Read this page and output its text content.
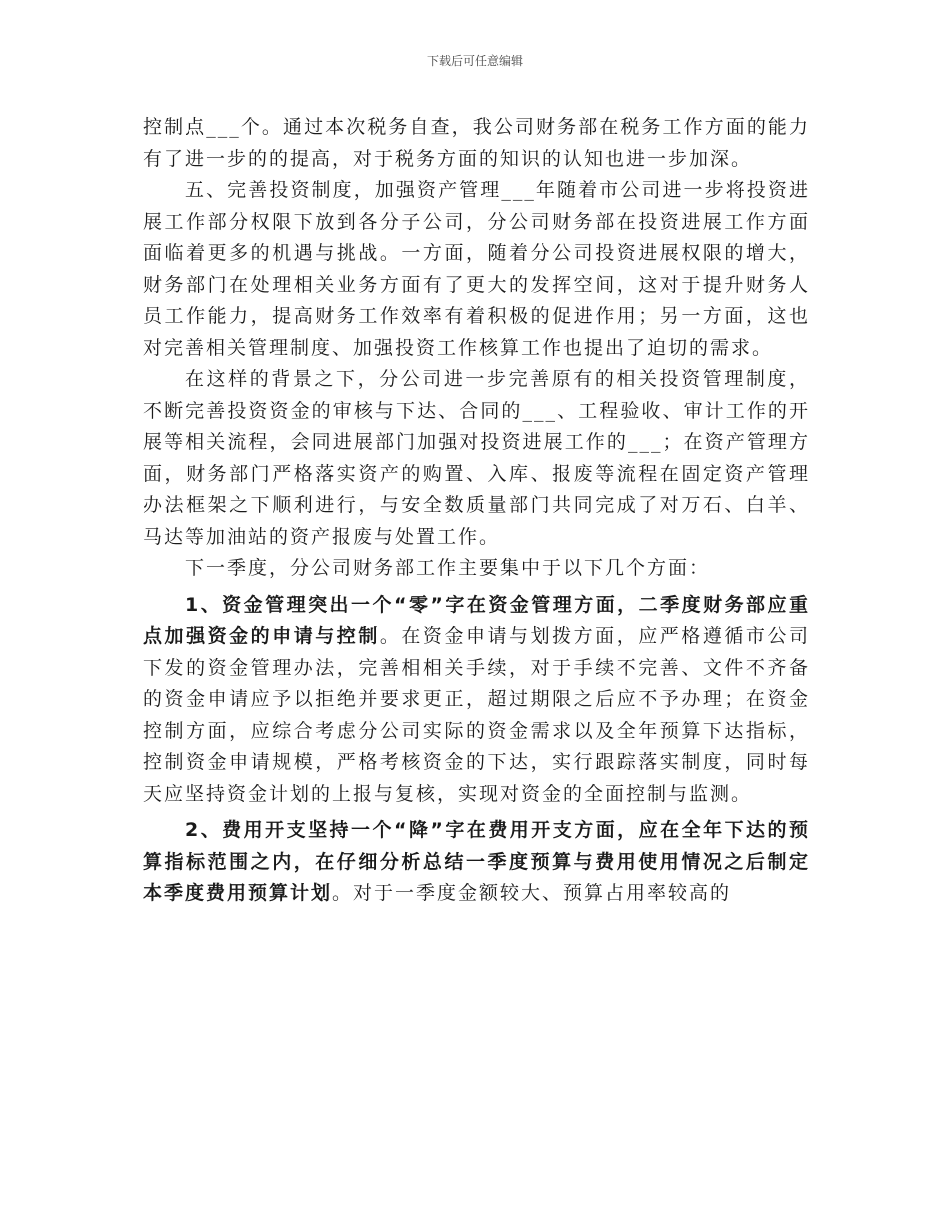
下载后可任意编辑

控制点___个。通过本次税务自查，我公司财务部在税务工作方面的能力有了进一步的的提高，对于税务方面的知识的认知也进一步加深。

五、完善投资制度，加强资产管理___年随着市公司进一步将投资进展工作部分权限下放到各分子公司，分公司财务部在投资进展工作方面面临着更多的机遇与挑战。一方面，随着分公司投资进展权限的增大，财务部门在处理相关业务方面有了更大的发挥空间，这对于提升财务人员工作能力，提高财务工作效率有着积极的促进作用；另一方面，这也对完善相关管理制度、加强投资工作核算工作也提出了迫切的需求。

在这样的背景之下，分公司进一步完善原有的相关投资管理制度，不断完善投资资金的审核与下达、合同的___、工程验收、审计工作的开展等相关流程，会同进展部门加强对投资进展工作的___；在资产管理方面，财务部门严格落实资产的购置、入库、报废等流程在固定资产管理办法框架之下顺利进行，与安全数质量部门共同完成了对万石、白羊、马达等加油站的资产报废与处置工作。

下一季度，分公司财务部工作主要集中于以下几个方面：

1、资金管理突出一个“零”字在资金管理方面，二季度财务部应重点加强资金的申请与控制。在资金申请与划拨方面，应严格遵循市公司下发的资金管理办法，完善相相关手续，对于手续不完善、文件不齐备的资金申请应予以拒绝并要求更正，超过期限之后应不予办理；在资金控制方面，应综合考虑分公司实际的资金需求以及全年预算下达指标，控制资金申请规模，严格考核资金的下达，实行跟踪落实制度，同时每天应坚持资金计划的上报与复核，实现对资金的全面控制与监测。

2、费用开支坚持一个“降”字在费用开支方面，应在全年下达的预算指标范围之内，在仔细分析总结一季度预算与费用使用情况之后制定本季度费用预算计划。对于一季度金额较大、预算占用率较高的
